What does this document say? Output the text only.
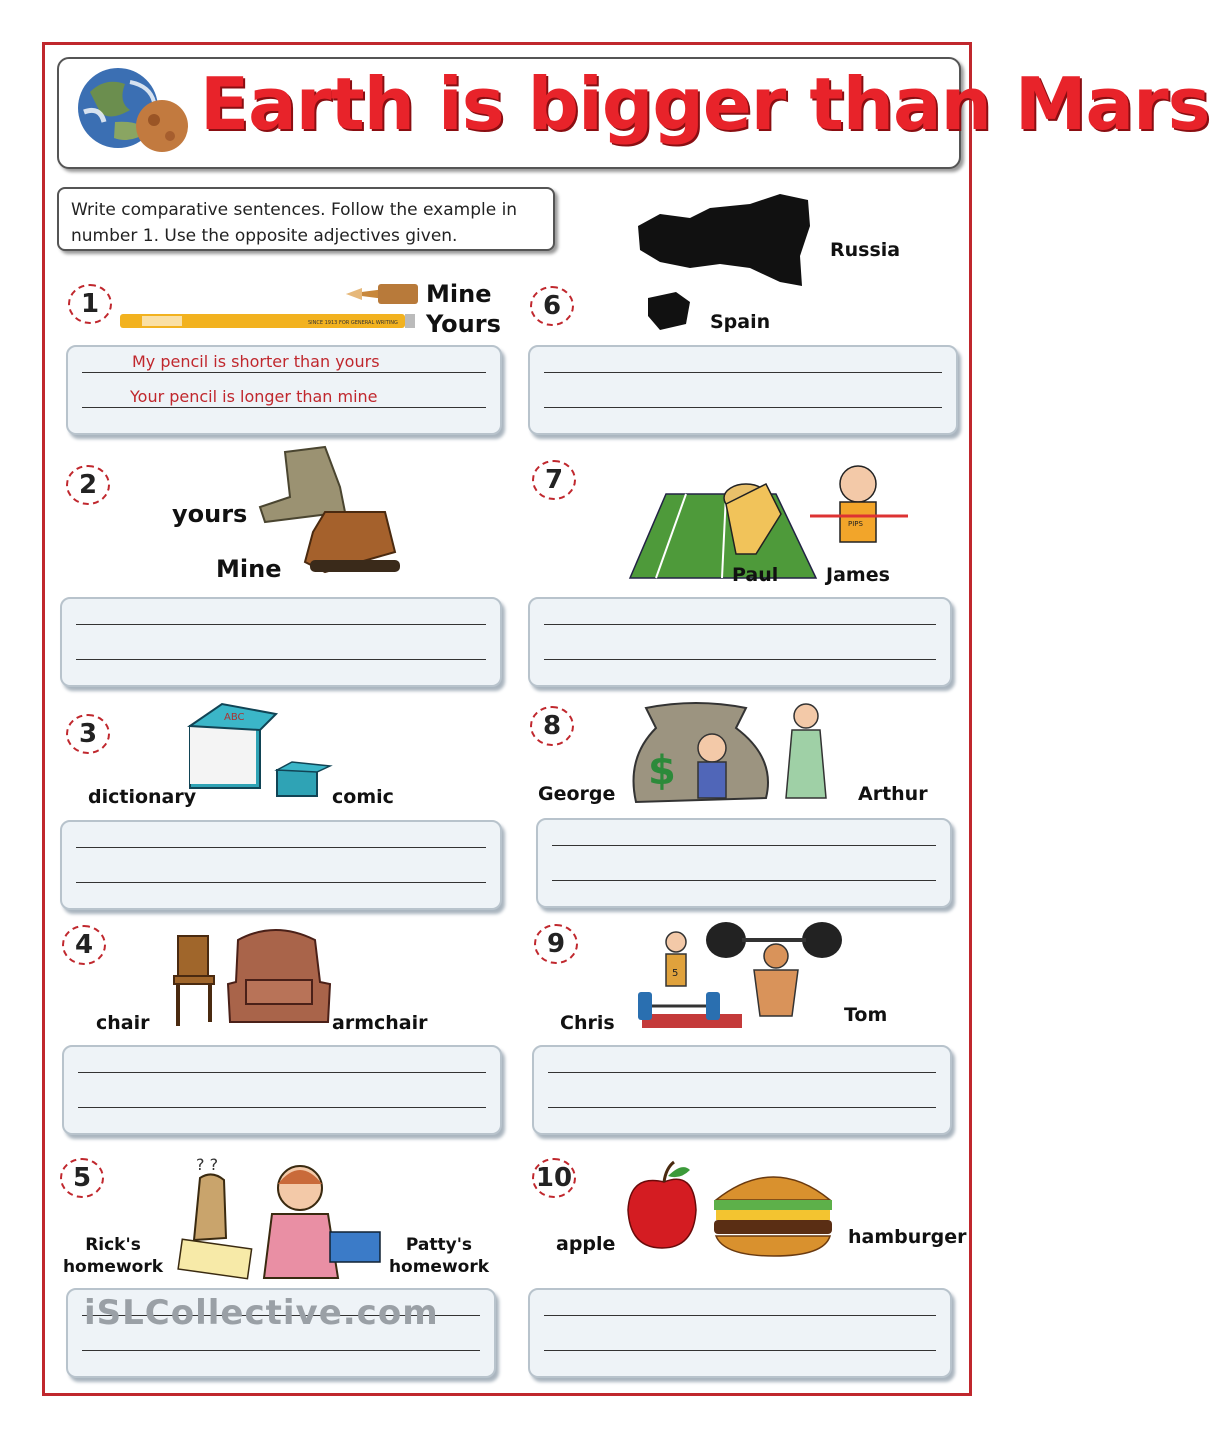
Earth is bigger than Mars
Write comparative sentences. Follow the example in number 1. Use the opposite adjectives given.
1
SINCE 1913 FOR GENERAL WRITING
Mine
Yours
My pencil is shorter than yours
Your pencil is longer than mine
2
yours
Mine
3
ABC
dictionary	comic
4
chair	armchair
5	? ?
Rick's homework
Patty's homework
iSLCollective.com
Russia
Spain
6
7
PIPS
Paul	James
8
$
George	Arthur
9
5
Chris	Tom
10
apple	hamburger
